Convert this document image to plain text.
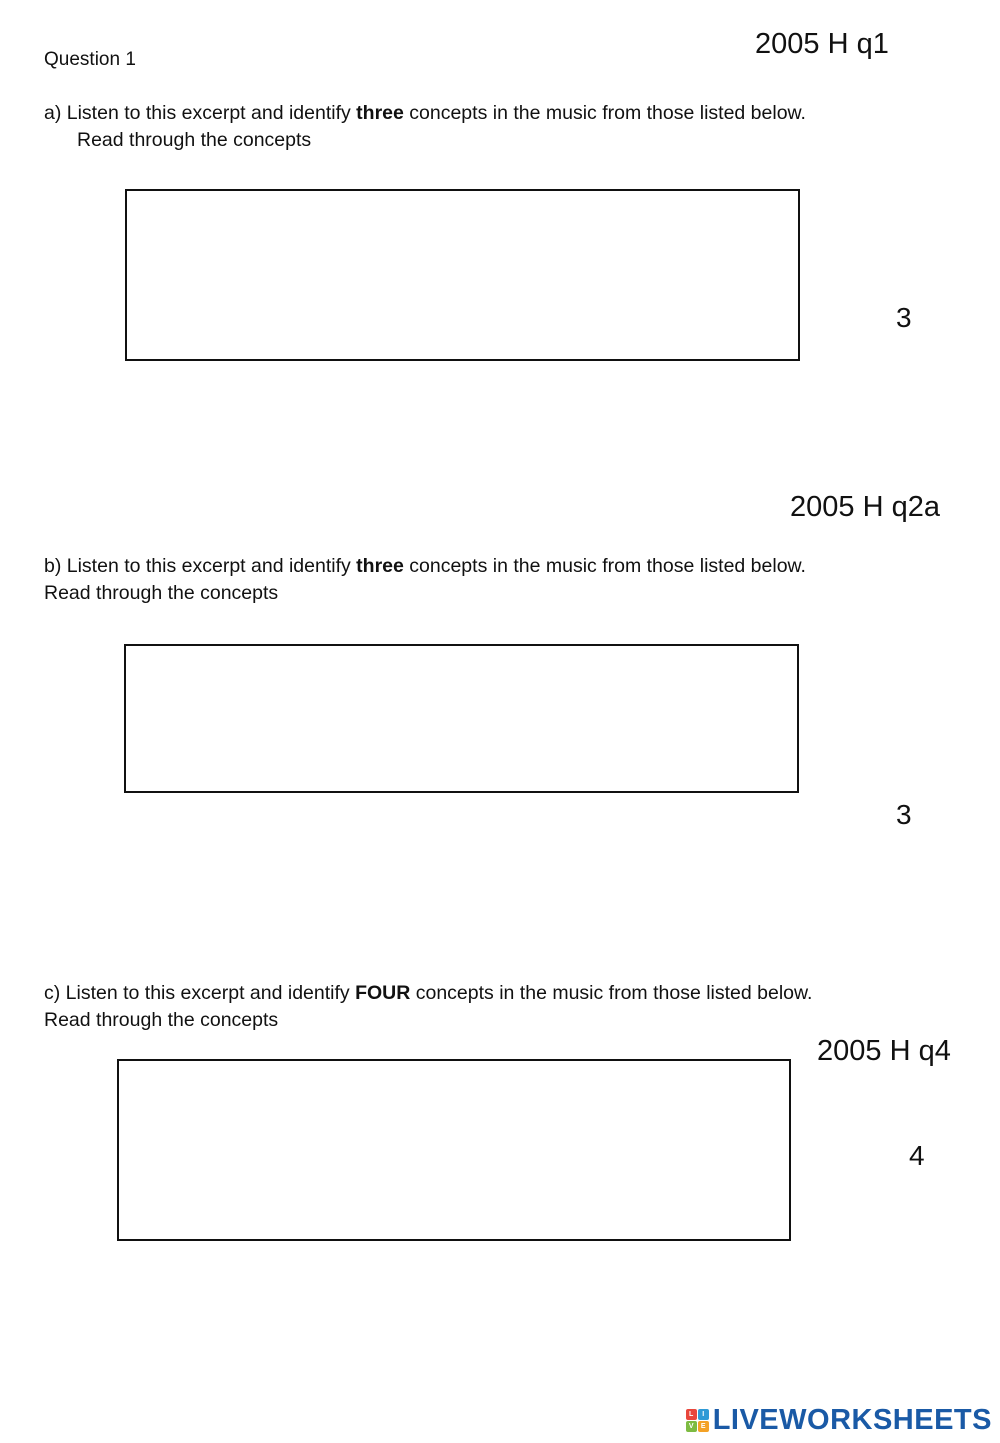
Question 1	2005 H q1

a) Listen to this excerpt and identify three concepts in the music from those listed below.
Read through the concepts

3

2005 H q2a

b) Listen to this excerpt and identify three concepts in the music from those listed below.
Read through the concepts

3

c) Listen to this excerpt and identify FOUR concepts in the music from those listed below.
Read through the concepts

2005 H q4

4

L	I
V	E LIVEWORKSHEETS
